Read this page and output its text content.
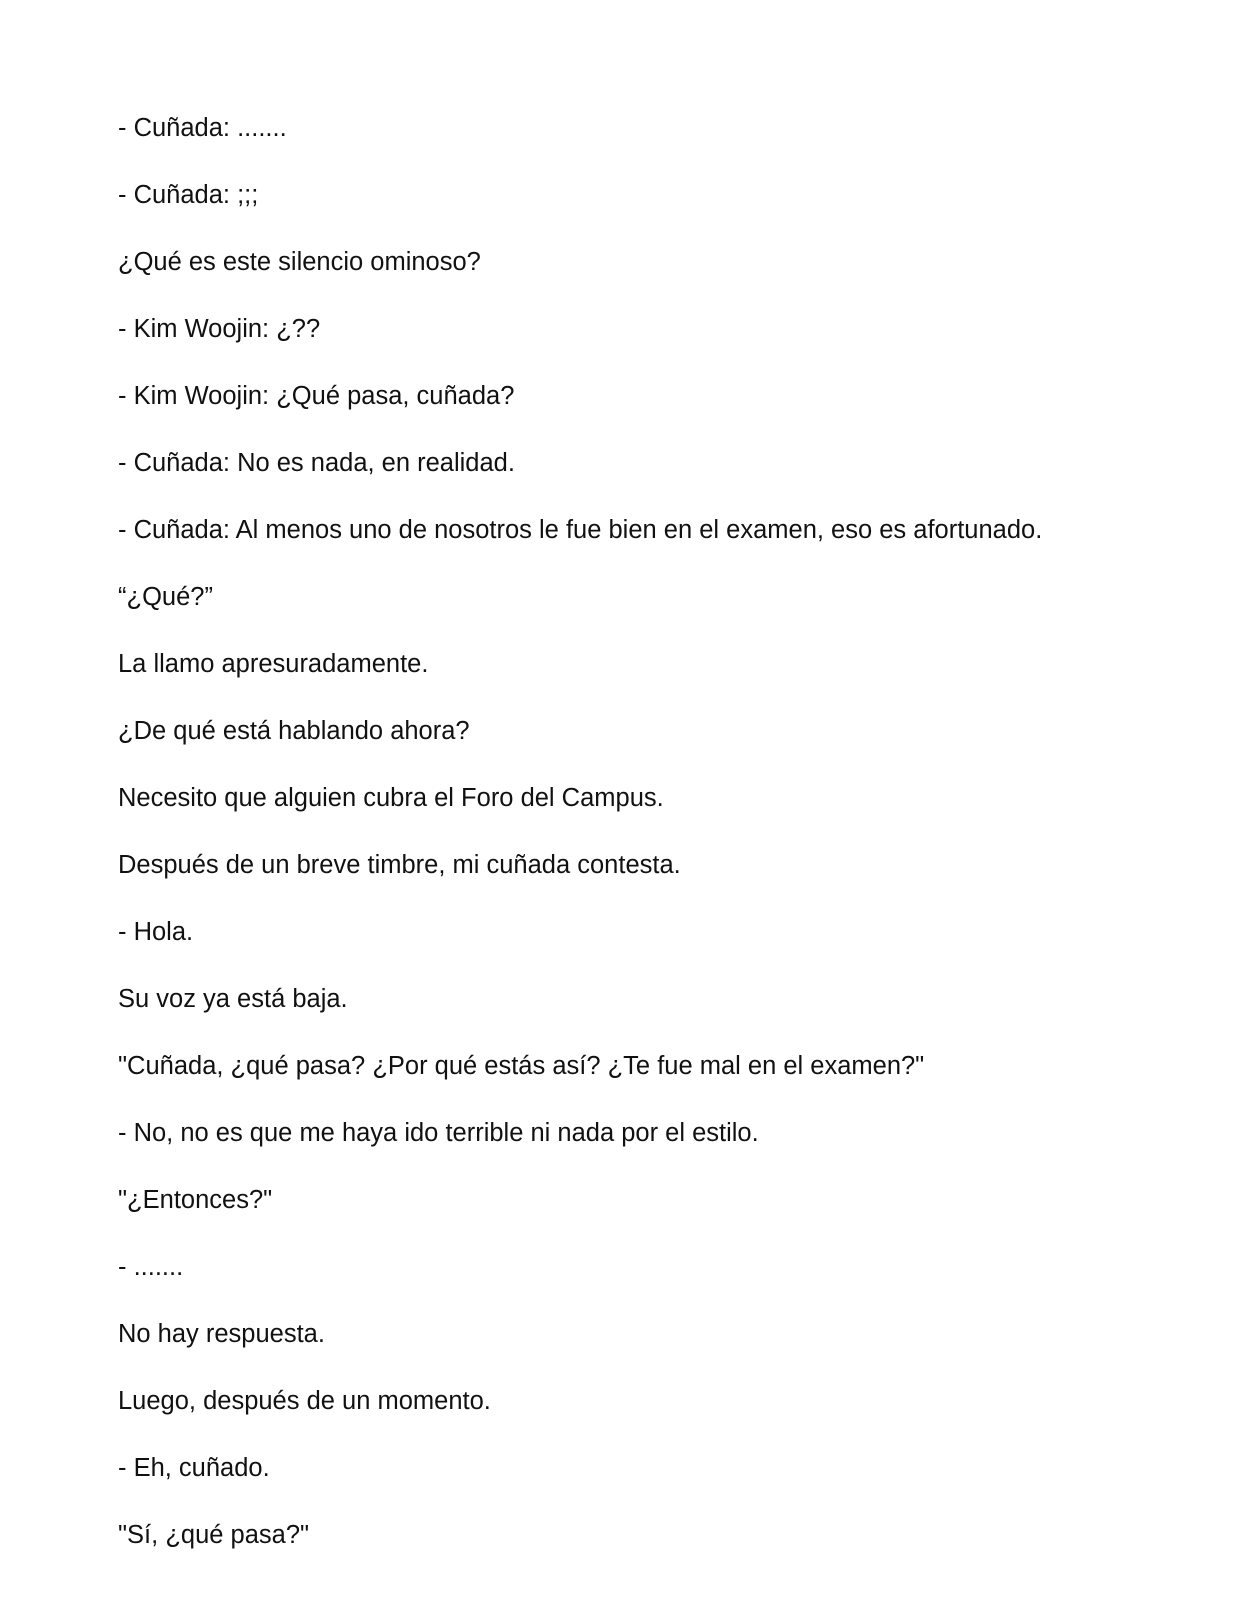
- Cuñada: .......

- Cuñada: ;;;

¿Qué es este silencio ominoso?

- Kim Woojin: ¿??

- Kim Woojin: ¿Qué pasa, cuñada?

- Cuñada: No es nada, en realidad.

- Cuñada: Al menos uno de nosotros le fue bien en el examen, eso es afortunado.

“¿Qué?”

La llamo apresuradamente.

¿De qué está hablando ahora?

Necesito que alguien cubra el Foro del Campus.

Después de un breve timbre, mi cuñada contesta.

- Hola.

Su voz ya está baja.

"Cuñada, ¿qué pasa? ¿Por qué estás así? ¿Te fue mal en el examen?"

- No, no es que me haya ido terrible ni nada por el estilo.

"¿Entonces?"

- .......

No hay respuesta.

Luego, después de un momento.

- Eh, cuñado.

"Sí, ¿qué pasa?"
